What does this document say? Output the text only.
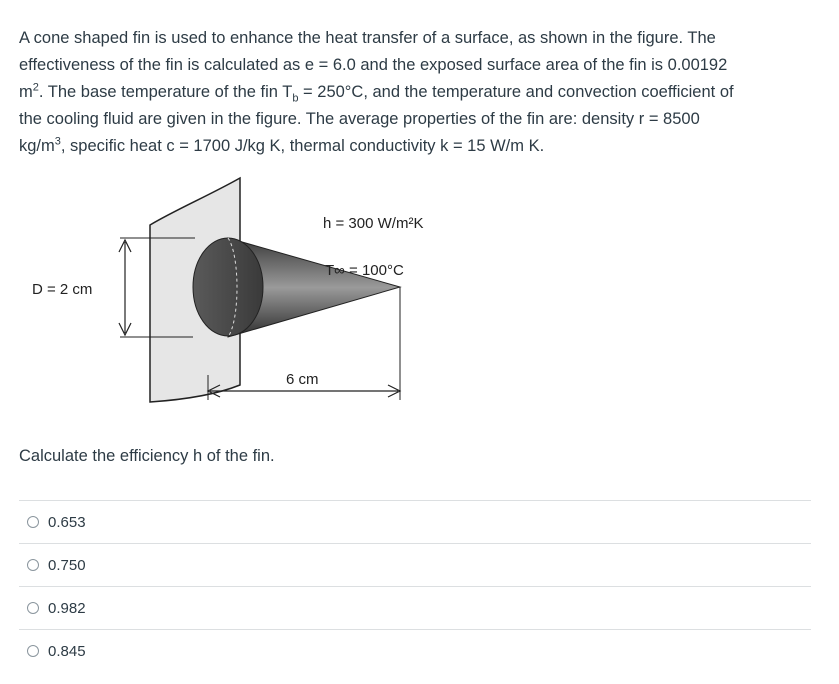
A cone shaped fin is used to enhance the heat transfer of a surface, as shown in the figure. The
effectiveness of the fin is calculated as e = 6.0 and the exposed surface area of the fin is 0.00192
$m^2$. The base temperature of the fin $T_b = 250^\circ C$, and the temperature and convection coefficient of
the cooling fluid are given in the figure. The average properties of the fin are: density r = 8500
$kg/m^3$, specific heat c = 1700 J/kg K, thermal conductivity k = 15 W/m K.
h = 300 W/m²K
T∞ = 100°C
D = 2 cm
6 cm
Calculate the efficiency h of the fin.
0.653
0.750
0.982
0.845
